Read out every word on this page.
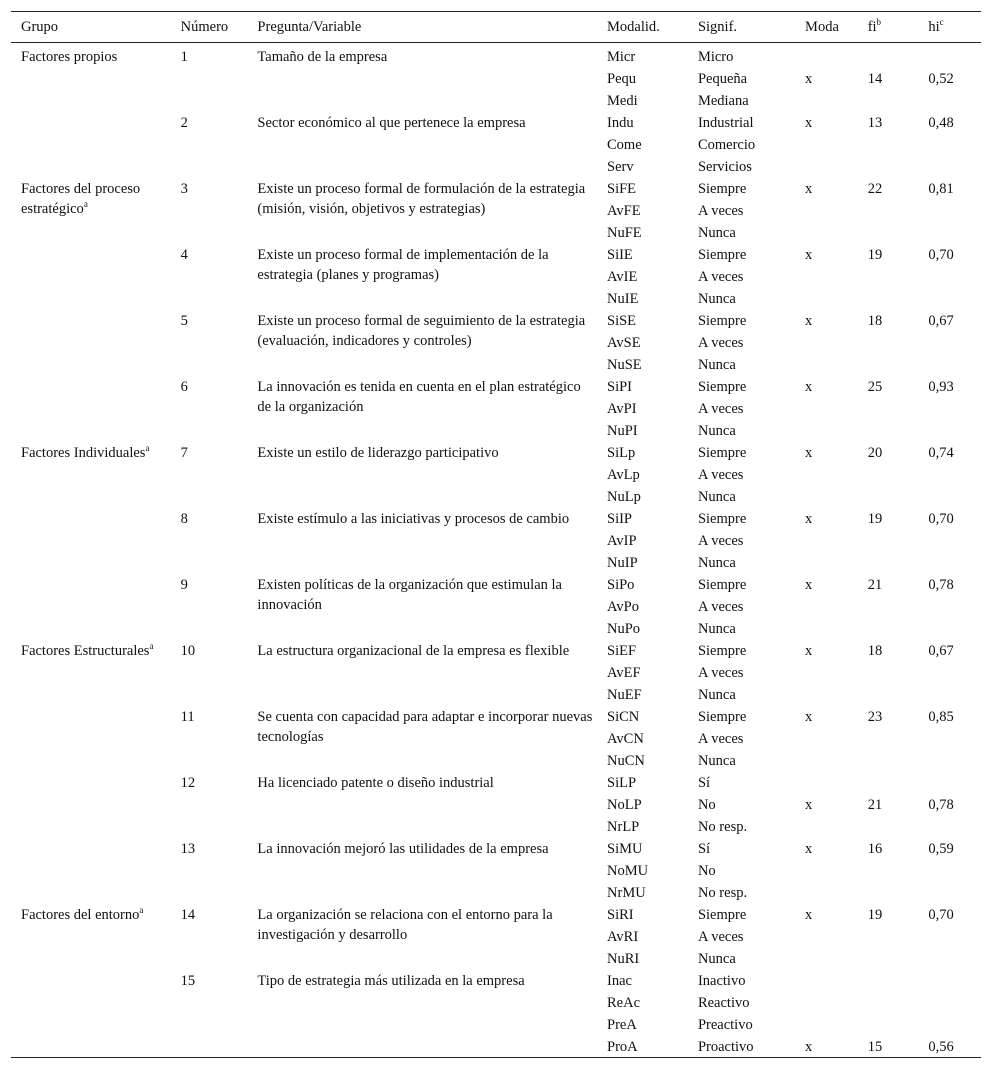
Grupo	Número	Pregunta/Variable	Modalid.	Signif.	Moda	$fi^b$	$hi^c$
Factores propios	1	Tamaño de la empresa	Micr	Micro			
			Pequ	Pequeña	x	14	0,52
			Medi	Mediana			
	2	Sector económico al que pertenece la empresa	Indu	Industrial	x	13	0,48
			Come	Comercio			
			Serv	Servicios			
Factores del proceso estratégico$^a$	3	Existe un proceso formal de formulación de la estrategia (misión, visión, objetivos y estrategias)	SiFE	Siempre	x	22	0,81
			AvFE	A veces			
			NuFE	Nunca			
	4	Existe un proceso formal de implementación de la estrategia (planes y programas)	SiIE	Siempre	x	19	0,70
			AvIE	A veces			
			NuIE	Nunca			
	5	Existe un proceso formal de seguimiento de la estrategia (evaluación, indicadores y controles)	SiSE	Siempre	x	18	0,67
			AvSE	A veces			
			NuSE	Nunca			
	6	La innovación es tenida en cuenta en el plan estratégico de la organización	SiPI	Siempre	x	25	0,93
			AvPI	A veces			
			NuPI	Nunca			
Factores Individuales$^a$	7	Existe un estilo de liderazgo participativo	SiLp	Siempre	x	20	0,74
			AvLp	A veces			
			NuLp	Nunca			
	8	Existe estímulo a las iniciativas y procesos de cambio	SiIP	Siempre	x	19	0,70
			AvIP	A veces			
			NuIP	Nunca			
	9	Existen políticas de la organización que estimulan la innovación	SiPo	Siempre	x	21	0,78
			AvPo	A veces			
			NuPo	Nunca			
Factores Estructurales$^a$	10	La estructura organizacional de la empresa es flexible	SiEF	Siempre	x	18	0,67
			AvEF	A veces			
			NuEF	Nunca			
	11	Se cuenta con capacidad para adaptar e incorporar nuevas tecnologías	SiCN	Siempre	x	23	0,85
			AvCN	A veces			
			NuCN	Nunca			
	12	Ha licenciado patente o diseño industrial	SiLP	Sí			
			NoLP	No	x	21	0,78
			NrLP	No resp.			
	13	La innovación mejoró las utilidades de la empresa	SiMU	Sí	x	16	0,59
			NoMU	No			
			NrMU	No resp.			
Factores del entorno$^a$	14	La organización se relaciona con el entorno para la investigación y desarrollo	SiRI	Siempre	x	19	0,70
			AvRI	A veces			
			NuRI	Nunca			
	15	Tipo de estrategia más utilizada en la empresa	Inac	Inactivo			
			ReAc	Reactivo			
			PreA	Preactivo			
			ProA	Proactivo	x	15	0,56
